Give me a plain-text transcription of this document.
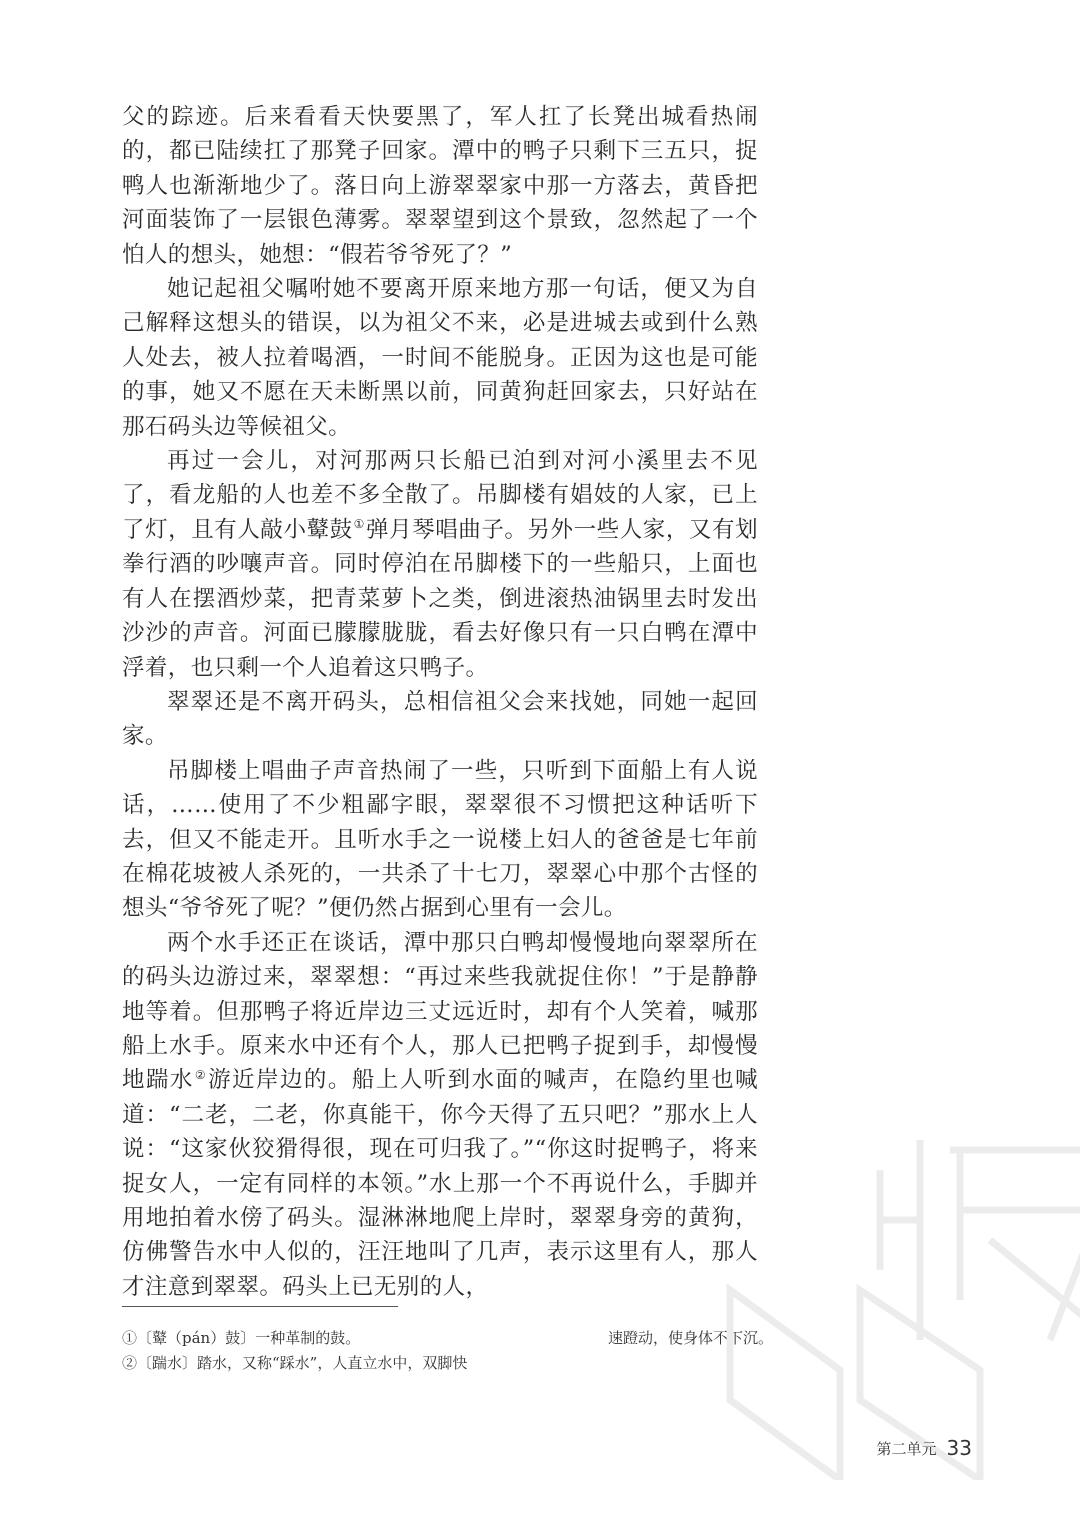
父的踪迹。后来看看天快要黑了，军人扛了长凳出城看热闹的，都已陆续扛了那凳子回家。潭中的鸭子只剩下三五只，捉鸭人也渐渐地少了。落日向上游翠翠家中那一方落去，黄昏把河面装饰了一层银色薄雾。翠翠望到这个景致，忽然起了一个怕人的想头，她想：“假若爷爷死了？”

她记起祖父嘱咐她不要离开原来地方那一句话，便又为自己解释这想头的错误，以为祖父不来，必是进城去或到什么熟人处去，被人拉着喝酒，一时间不能脱身。正因为这也是可能的事，她又不愿在天未断黑以前，同黄狗赶回家去，只好站在那石码头边等候祖父。

再过一会儿，对河那两只长船已泊到对河小溪里去不见了，看龙船的人也差不多全散了。吊脚楼有娼妓的人家，已上了灯，且有人敲小鼙鼓①弹月琴唱曲子。另外一些人家，又有划拳行酒的吵嚷声音。同时停泊在吊脚楼下的一些船只，上面也有人在摆酒炒菜，把青菜萝卜之类，倒进滚热油锅里去时发出沙沙的声音。河面已朦朦胧胧，看去好像只有一只白鸭在潭中浮着，也只剩一个人追着这只鸭子。

翠翠还是不离开码头，总相信祖父会来找她，同她一起回家。

吊脚楼上唱曲子声音热闹了一些，只听到下面船上有人说话，……使用了不少粗鄙字眼，翠翠很不习惯把这种话听下去，但又不能走开。且听水手之一说楼上妇人的爸爸是七年前在棉花坡被人杀死的，一共杀了十七刀，翠翠心中那个古怪的想头“爷爷死了呢？”便仍然占据到心里有一会儿。

两个水手还正在谈话，潭中那只白鸭却慢慢地向翠翠所在的码头边游过来，翠翠想：“再过来些我就捉住你！”于是静静地等着。但那鸭子将近岸边三丈远近时，却有个人笑着，喊那船上水手。原来水中还有个人，那人已把鸭子捉到手，却慢慢地踹水②游近岸边的。船上人听到水面的喊声，在隐约里也喊道：“二老，二老，你真能干，你今天得了五只吧？”那水上人说：“这家伙狡猾得很，现在可归我了。”“你这时捉鸭子，将来捉女人，一定有同样的本领。”水上那一个不再说什么，手脚并用地拍着水傍了码头。湿淋淋地爬上岸时，翠翠身旁的黄狗，仿佛警告水中人似的，汪汪地叫了几声，表示这里有人，那人才注意到翠翠。码头上已无别的人，

①〔鼙（pán）鼓〕一种革制的鼓。
②〔踹水〕踏水，又称“踩水”，人直立水中，双脚快
速蹬动，使身体不下沉。
第二单元 33
